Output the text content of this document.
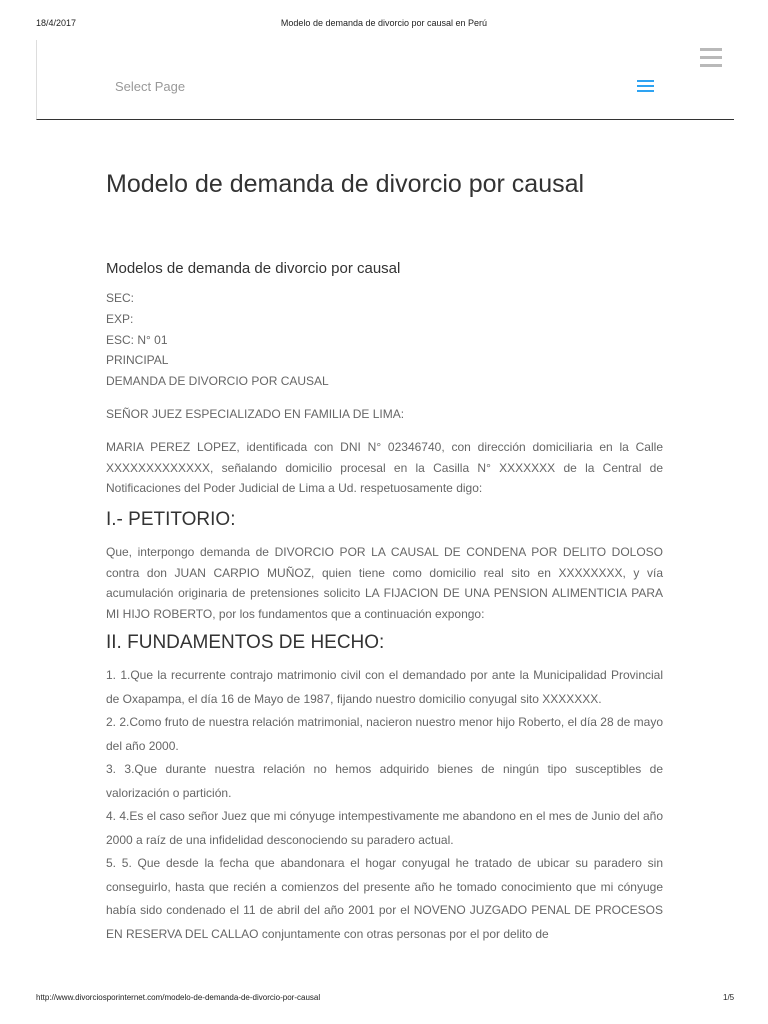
18/4/2017	Modelo de demanda de divorcio por causal en Perú
Select Page
Modelo de demanda de divorcio por causal
Modelos de demanda de divorcio por causal
SEC:
EXP:
ESC: N° 01
PRINCIPAL
DEMANDA DE DIVORCIO POR CAUSAL

SEÑOR JUEZ ESPECIALIZADO EN FAMILIA DE LIMA:

MARIA PEREZ LOPEZ, identificada con DNI N° 02346740, con dirección domiciliaria en la Calle XXXXXXXXXXXXX, señalando domicilio procesal en la Casilla N° XXXXXXX de la Central de Notificaciones del Poder Judicial de Lima a Ud. respetuosamente digo:

I.- PETITORIO:

Que, interpongo demanda de DIVORCIO POR LA CAUSAL DE CONDENA POR DELITO DOLOSO contra don JUAN CARPIO MUÑOZ, quien tiene como domicilio real sito en XXXXXXXX, y vía acumulación originaria de pretensiones solicito LA FIJACION DE UNA PENSION ALIMENTICIA PARA MI HIJO ROBERTO, por los fundamentos que a continuación expongo:

II. FUNDAMENTOS DE HECHO:

1. 1.Que la recurrente contrajo matrimonio civil con el demandado por ante la Municipalidad Provincial de Oxapampa, el día 16 de Mayo de 1987, fijando nuestro domicilio conyugal sito XXXXXXX.

2. 2.Como fruto de nuestra relación matrimonial, nacieron nuestro menor hijo Roberto, el día 28 de mayo del año 2000.

3. 3.Que durante nuestra relación no hemos adquirido bienes de ningún tipo susceptibles de valorización o partición.

4. 4.Es el caso señor Juez que mi cónyuge intempestivamente me abandono en el mes de Junio del año 2000 a raíz de una infidelidad desconociendo su paradero actual.

5. 5. Que desde la fecha que abandonara el hogar conyugal he tratado de ubicar su paradero sin conseguirlo, hasta que recién a comienzos del presente año he tomado conocimiento que mi cónyuge había sido condenado el 11 de abril del año 2001 por el NOVENO JUZGADO PENAL DE PROCESOS EN RESERVA DEL CALLAO conjuntamente con otras personas por el por delito de

http://www.divorciosporinternet.com/modelo-de-demanda-de-divorcio-por-causal	1/5
